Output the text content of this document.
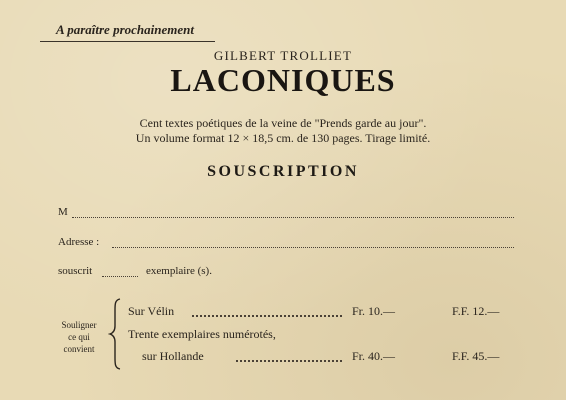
A paraître prochainement
GILBERT TROLLIET
LACONIQUES
Cent textes poétiques de la veine de "Prends garde au jour".
Un volume format 12 × 18,5 cm. de 130 pages. Tirage limité.
SOUSCRIPTION
M
Adresse :
souscrit	exemplaire (s).
Souligner
ce qui
convient
Sur Vélin	Fr. 10.—	F.F. 12.—
Trente exemplaires numérotés,
sur Hollande	Fr. 40.—	F.F. 45.—
